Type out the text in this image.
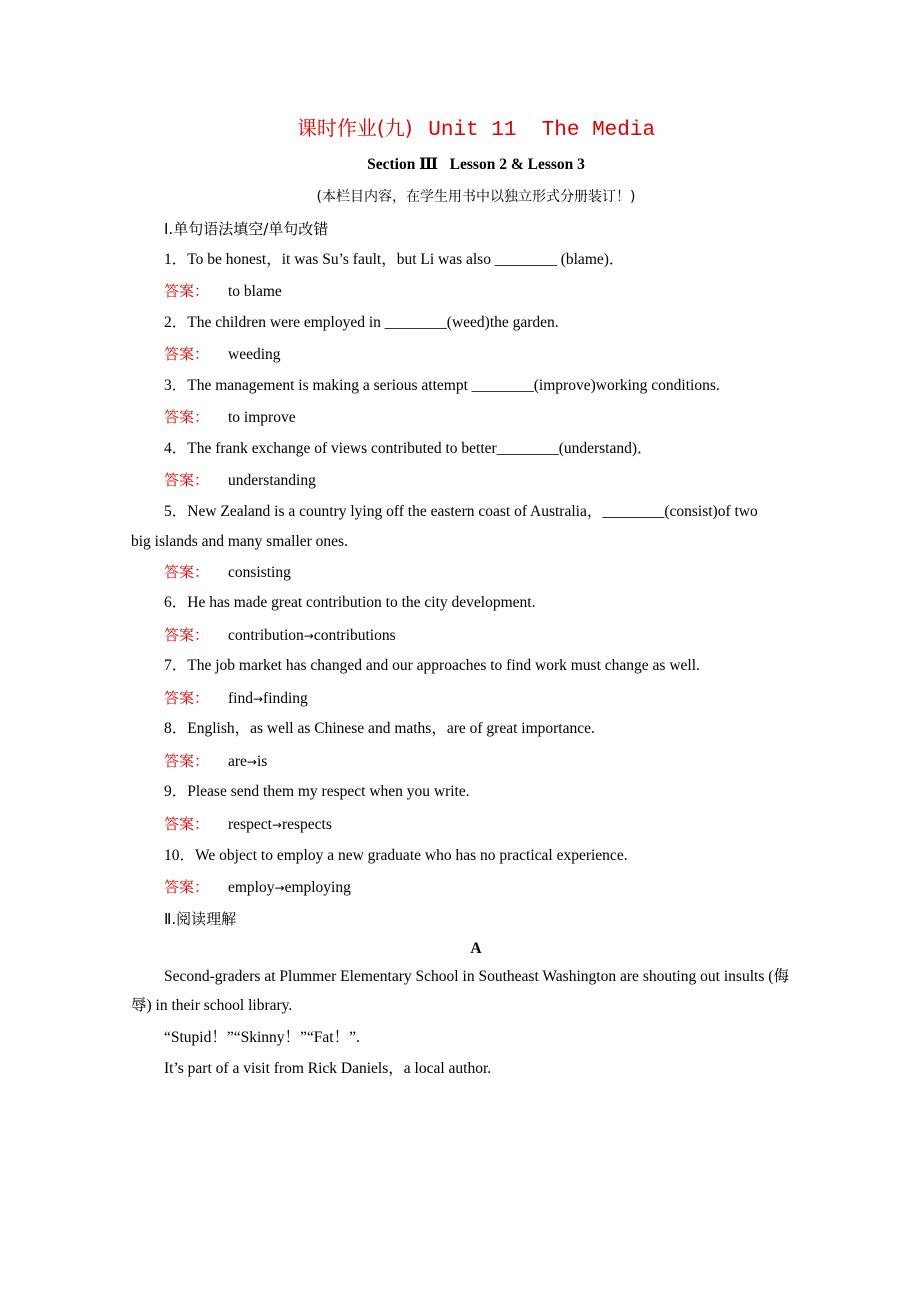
课时作业(九) Unit 11  The Media
Section Ⅲ   Lesson 2 & Lesson 3
(本栏目内容，在学生用书中以独立形式分册装订！)
Ⅰ.单句语法填空/单句改错
1．To be honest，it was Su’s fault，but Li was also ________ (blame)．
答案： to blame
2．The children were employed in ________(weed)the garden.
答案： weeding
3．The management is making a serious attempt ________(improve)working conditions.
答案： to improve
4．The frank exchange of views contributed to better________(understand)．
答案： understanding
5．New Zealand is a country lying off the eastern coast of Australia，________(consist)of two
big islands and many smaller ones.
答案： consisting
6．He has made great contribution to the city development.
答案： contribution→contributions
7．The job market has changed and our approaches to find work must change as well.
答案： find→finding
8．English，as well as Chinese and maths，are of great importance.
答案： are→is
9．Please send them my respect when you write.
答案： respect→respects
10．We object to employ a new graduate who has no practical experience.
答案： employ→employing
Ⅱ.阅读理解
A
Second-graders at Plummer Elementary School in Southeast Washington are shouting out insults (侮辱) in their school library.
“Stupid！”“Skinny！”“Fat！”.
It’s part of a visit from Rick Daniels，a local author.
